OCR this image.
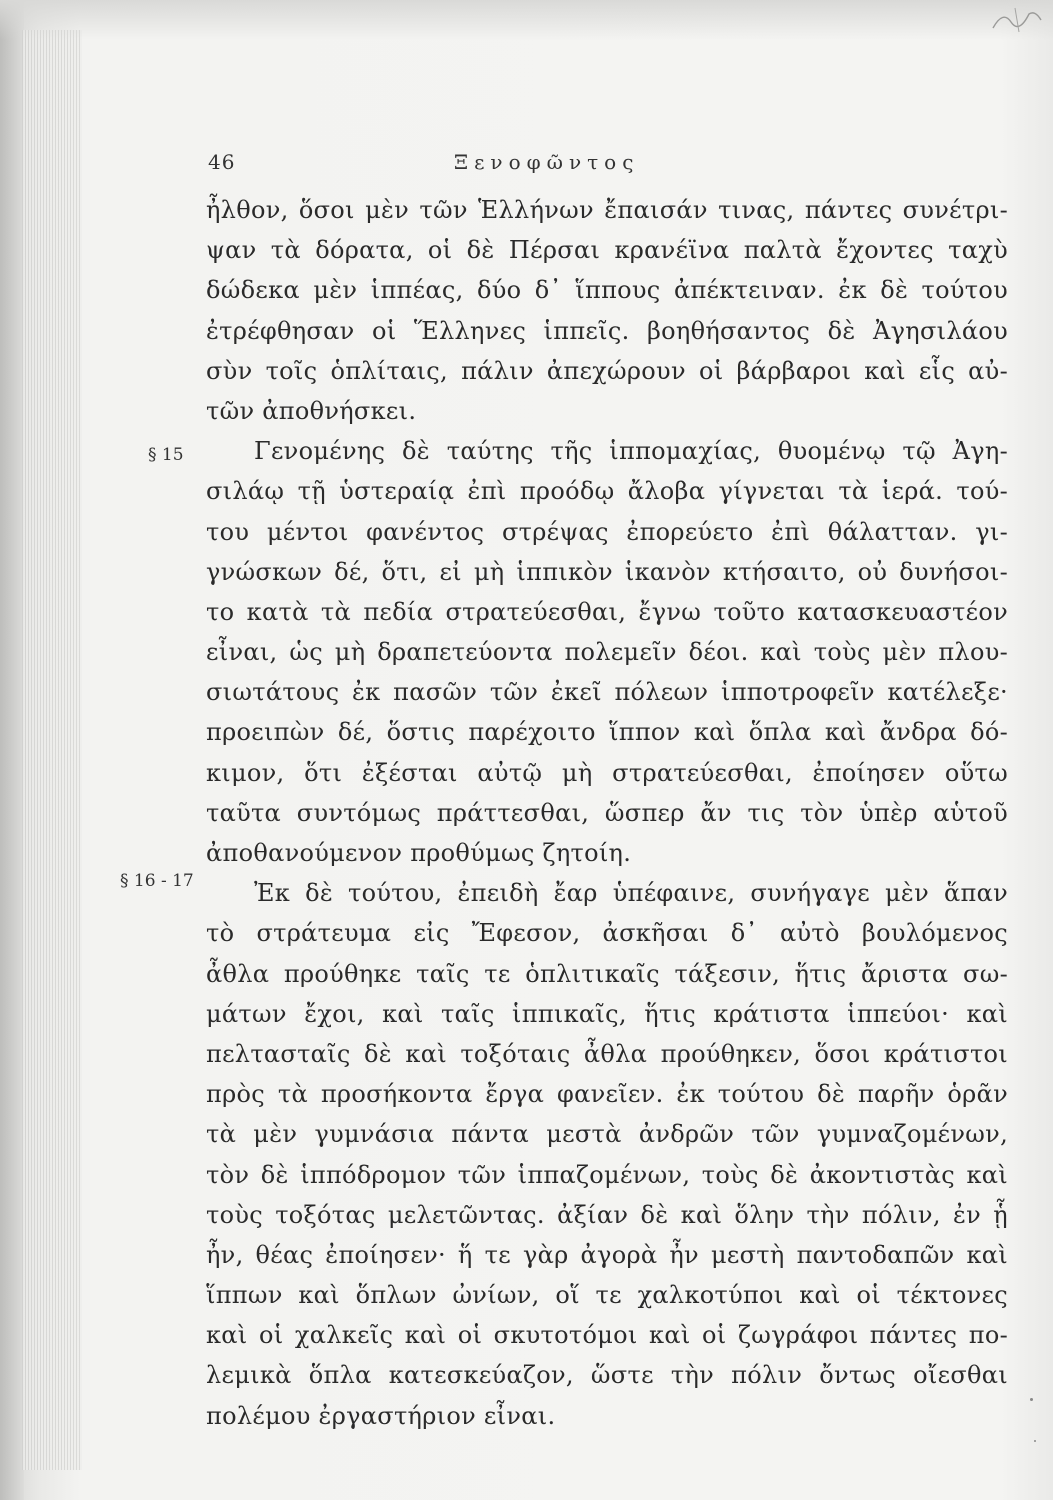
46	Ξενοφῶντος
§ 15
§ 16 - 17
ἦλθον, ὅσοι μὲν τῶν Ἑλλήνων ἔπαισάν τινας, πάντες συνέτρι-
ψαν τὰ δόρατα, οἱ δὲ Πέρσαι κρανέϊνα παλτὰ ἔχοντες ταχὺ
δώδεκα μὲν ἱππέας, δύο δ᾽ ἵππους ἀπέκτειναν. ἐκ δὲ τούτου
ἐτρέφθησαν οἱ Ἕλληνες ἱππεῖς. βοηθήσαντος δὲ Ἀγησιλάου
σὺν τοῖς ὁπλίταις, πάλιν ἀπεχώρουν οἱ βάρβαροι καὶ εἷς αὐ-
τῶν ἀποθνήσκει.
Γενομένης δὲ ταύτης τῆς ἱππομαχίας, θυομένῳ τῷ Ἀγη-
σιλάῳ τῇ ὑστεραίᾳ ἐπὶ προόδῳ ἄλοβα γίγνεται τὰ ἱερά. τού-
του μέντοι φανέντος στρέψας ἐπορεύετο ἐπὶ θάλατταν. γι-
γνώσκων δέ, ὅτι, εἰ μὴ ἱππικὸν ἱκανὸν κτήσαιτο, οὐ δυνήσοι-
το κατὰ τὰ πεδία στρατεύεσθαι, ἔγνω τοῦτο κατασκευαστέον
εἶναι, ὡς μὴ δραπετεύοντα πολεμεῖν δέοι. καὶ τοὺς μὲν πλου-
σιωτάτους ἐκ πασῶν τῶν ἐκεῖ πόλεων ἱπποτροφεῖν κατέλεξε·
προειπὼν δέ, ὅστις παρέχοιτο ἵππον καὶ ὅπλα καὶ ἄνδρα δό-
κιμον, ὅτι ἐξέσται αὐτῷ μὴ στρατεύεσθαι, ἐποίησεν οὕτω
ταῦτα συντόμως πράττεσθαι, ὥσπερ ἄν τις τὸν ὑπὲρ αὑτοῦ
ἀποθανούμενον προθύμως ζητοίη.
Ἐκ δὲ τούτου, ἐπειδὴ ἔαρ ὑπέφαινε, συνήγαγε μὲν ἅπαν
τὸ στράτευμα εἰς Ἔφεσον, ἀσκῆσαι δ᾽ αὐτὸ βουλόμενος
ἆθλα προύθηκε ταῖς τε ὁπλιτικαῖς τάξεσιν, ἥτις ἄριστα σω-
μάτων ἔχοι, καὶ ταῖς ἱππικαῖς, ἥτις κράτιστα ἱππεύοι· καὶ
πελτασταῖς δὲ καὶ τοξόταις ἆθλα προύθηκεν, ὅσοι κράτιστοι
πρὸς τὰ προσήκοντα ἔργα φανεῖεν. ἐκ τούτου δὲ παρῆν ὁρᾶν
τὰ μὲν γυμνάσια πάντα μεστὰ ἀνδρῶν τῶν γυμναζομένων,
τὸν δὲ ἱππόδρομον τῶν ἱππαζομένων, τοὺς δὲ ἀκοντιστὰς καὶ
τοὺς τοξότας μελετῶντας. ἀξίαν δὲ καὶ ὅλην τὴν πόλιν, ἐν ᾗ
ἦν, θέας ἐποίησεν· ἥ τε γὰρ ἀγορὰ ἦν μεστὴ παντοδαπῶν καὶ
ἵππων καὶ ὅπλων ὠνίων, οἵ τε χαλκοτύποι καὶ οἱ τέκτονες
καὶ οἱ χαλκεῖς καὶ οἱ σκυτοτόμοι καὶ οἱ ζωγράφοι πάντες πο-
λεμικὰ ὅπλα κατεσκεύαζον, ὥστε τὴν πόλιν ὄντως οἴεσθαι
πολέμου ἐργαστήριον εἶναι.
